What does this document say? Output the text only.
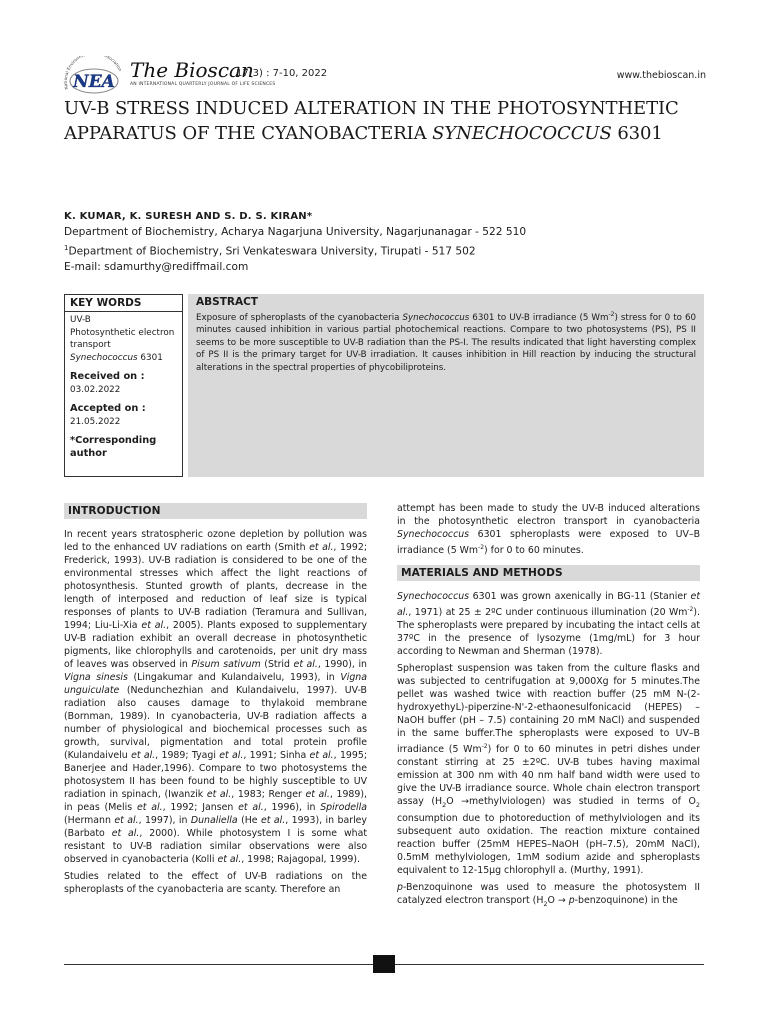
National Environm sociation
NEA The Bioscan
17(3) : 7-10, 2022
AN INTERNATIONAL QUARTERLY JOURNAL OF LIFE SCIENCES
www.thebioscan.in
UV-B STRESS INDUCED ALTERATION IN THE PHOTOSYNTHETIC APPARATUS OF THE CYANOBACTERIA SYNECHOCOCCUS 6301
K. KUMAR, K. SURESH AND S. D. S. KIRAN*
Department of Biochemistry, Acharya Nagarjuna University, Nagarjunanagar - 522 510
$^1$Department of Biochemistry, Sri Venkateswara University, Tirupati - 517 502
E-mail: sdamurthy@rediffmail.com
KEY WORDS
UV-B
Photosynthetic electron transport
Synechococcus 6301
Received on :
03.02.2022
Accepted on :
21.05.2022
*Corresponding author
ABSTRACT
Exposure of spheroplasts of the cyanobacteria Synechococcus 6301 to UV-B irradiance (5 $Wm^{-2}$) stress for 0 to 60 minutes caused inhibition in various partial photochemical reactions. Compare to two photosystems (PS), PS II seems to be more susceptible to UV-B radiation than the PS-I. The results indicated that light haversting complex of PS II is the primary target for UV-B irradiation. It causes inhibition in Hill reaction by inducing the structural alterations in the spectral properties of phycobiliproteins.
INTRODUCTION

In recent years stratospheric ozone depletion by pollution was led to the enhanced UV radiations on earth (Smith et al., 1992; Frederick, 1993). UV-B radiation is considered to be one of the environmental stresses which affect the light reactions of photosynthesis. Stunted growth of plants, decrease in the length of interposed and reduction of leaf size is typical responses of plants to UV-B radiation (Teramura and Sullivan, 1994; Liu-Li-Xia et al., 2005). Plants exposed to supplementary UV-B radiation exhibit an overall decrease in photosynthetic pigments, like chlorophylls and carotenoids, per unit dry mass of leaves was observed in Pisum sativum (Strid et al., 1990), in Vigna sinesis (Lingakumar and Kulandaivelu, 1993), in Vigna unguiculate (Nedunchezhian and Kulandaivelu, 1997). UV-B radiation also causes damage to thylakoid membrane (Bornman, 1989). In cyanobacteria, UV-B radiation affects a number of physiological and biochemical processes such as growth, survival, pigmentation and total protein profile (Kulandaivelu et al., 1989; Tyagi et al., 1991; Sinha et al., 1995; Banerjee and Hader,1996). Compare to two photosystems the photosystem II has been found to be highly susceptible to UV radiation in spinach, (Iwanzik et al., 1983; Renger et al., 1989), in peas (Melis et al., 1992; Jansen et al., 1996), in Spirodella (Hermann et al., 1997), in Dunaliella (He et al., 1993), in barley (Barbato et al., 2000). While photosystem I is some what resistant to UV-B radiation similar observations were also observed in cyanobacteria (Kolli et al., 1998; Rajagopal, 1999).

Studies related to the effect of UV-B radiations on the spheroplasts of the cyanobacteria are scanty. Therefore an

attempt has been made to study the UV-B induced alterations in the photosynthetic electron transport in cyanobacteria Synechococcus 6301 spheroplasts were exposed to UV–B irradiance (5 $Wm^{-2}$) for 0 to 60 minutes.

MATERIALS AND METHODS

Synechococcus 6301 was grown axenically in BG-11 (Stanier et al., 1971) at 25 ± 2ºC under continuous illumination (20 $Wm^{-2}$). The spheroplasts were prepared by incubating the intact cells at 37ºC in the presence of lysozyme (1mg/mL) for 3 hour according to Newman and Sherman (1978).

Spheroplast suspension was taken from the culture flasks and was subjected to centrifugation at 9,000Xg for 5 minutes.The pellet was washed twice with reaction buffer (25 mM N-(2-hydroxyethyL)-piperzine-N'-2-ethaonesulfonicacid (HEPES) – NaOH buffer (pH – 7.5) containing 20 mM NaCl) and suspended in the same buffer.The spheroplasts were exposed to UV–B irradiance (5 $Wm^{-2}$) for 0 to 60 minutes in petri dishes under constant stirring at 25 ±2ºC. UV-B tubes having maximal emission at 300 nm with 40 nm half band width were used to give the UV-B irradiance source. Whole chain electron transport assay ($H_2O$ →methylviologen) was studied in terms of $O_2$ consumption due to photoreduction of methylviologen and its subsequent auto oxidation. The reaction mixture contained reaction buffer (25mM HEPES–NaOH (pH–7.5), 20mM NaCl), 0.5mM methylviologen, 1mM sodium azide and spheroplasts equivalent to 12-15µg chlorophyll a. (Murthy, 1991).

p-Benzoquinone was used to measure the photosystem II catalyzed electron transport ($H_2O$ → p-benzoquinone) in the
